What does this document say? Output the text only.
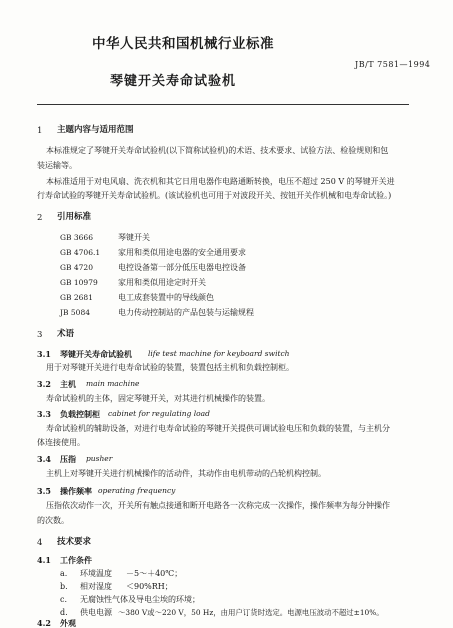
中华人民共和国机械行业标准
JB/T 7581—1994
琴键开关寿命试验机
1 主题内容与适用范围
本标准规定了琴键开关寿命试验机(以下简称试验机)的术语、技术要求、试验方法、检验规则和包
装运输等。
本标准适用于对电风扇、洗衣机和其它日用电器作电路通断转换，电压不超过 250 V 的琴键开关进
行寿命试验的琴键开关寿命试验机。(该试验机也可用于对波段开关、按钮开关作机械和电寿命试验。)
2 引用标准
GB 3666	琴键开关
GB 4706.1 家用和类似用途电器的安全通用要求
GB 4720	电控设备第一部分低压电器电控设备
GB 10979	家用和类似用途定时开关
GB 2681	电工成套装置中的导线颜色
JB 5084	电力传动控制站的产品包装与运输规程
3 术语
3.1 琴键开关寿命试验机 life test machine for keyboard switch
用于对琴键开关进行电寿命试验的装置，装置包括主机和负载控制柜。
3.2 主机 main machine
寿命试验机的主体，固定琴键开关，对其进行机械操作的装置。
3.3 负载控制柜 cabinet for regulating load
寿命试验机的辅助设备，对进行电寿命试验的琴键开关提供可调试验电压和负载的装置，与主机分
体连接使用。
3.4 压指 pusher
主机上对琴键开关进行机械操作的活动件，其动作由电机带动的凸轮机构控制。
3.5 操作频率 operating frequency
压指依次动作一次，开关所有触点接通和断开电路各一次称完成一次操作，操作频率为每分钟操作
的次数。
4 技术要求
4.1 工作条件
a. 环境温度 －5～＋40℃；
b. 相对湿度 ＜90%RH；
c. 无腐蚀性气体及导电尘埃的环境；
d. 供电电源 ～380 V或～220 V，50 Hz，由用户订货时选定。电源电压波动不超过±10%。
4.2 外观
